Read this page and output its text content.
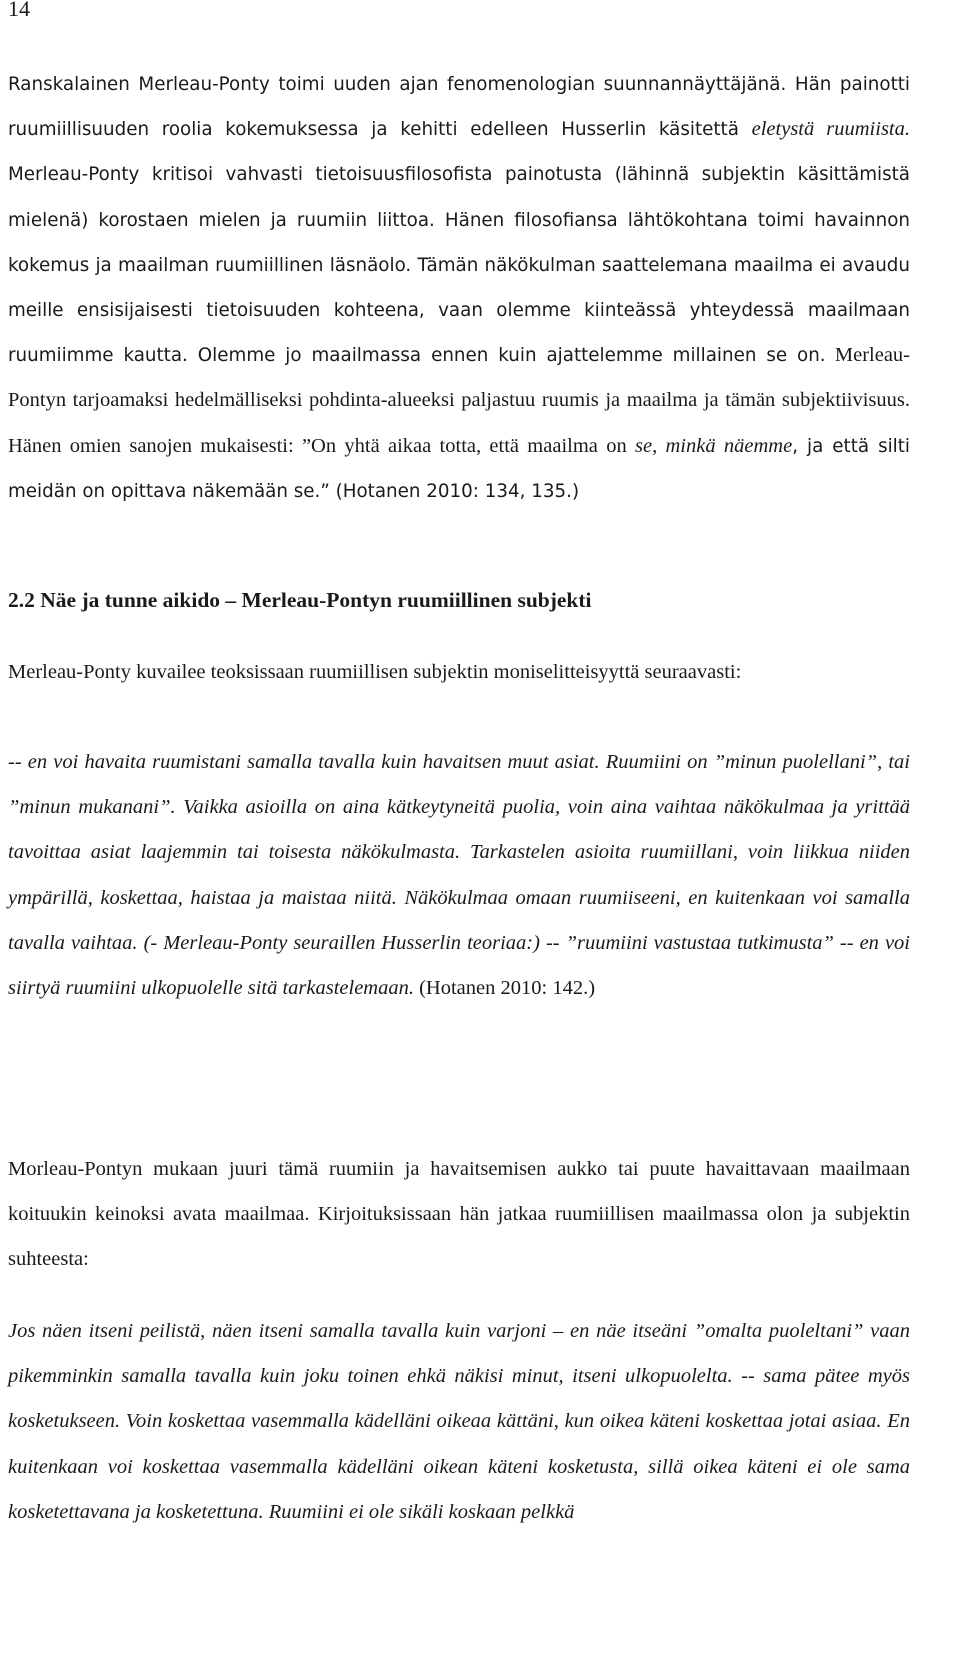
14

Ranskalainen Merleau-Ponty toimi uuden ajan fenomenologian suunnannäyttäjänä. Hän painotti ruumiillisuuden roolia kokemuksessa ja kehitti edelleen Husserlin käsitettä eletystä ruumiista. Merleau-Ponty kritisoi vahvasti tietoisuusfilosofista painotusta (lähinnä subjektin käsittämistä mielenä) korostaen mielen ja ruumiin liittoa. Hänen filosofiansa lähtökohtana toimi havainnon kokemus ja maailman ruumiillinen läsnäolo. Tämän näkökulman saattelemana maailma ei avaudu meille ensisijaisesti tietoisuuden kohteena, vaan olemme kiinteässä yhteydessä maailmaan ruumiimme kautta. Olemme jo maailmassa ennen kuin ajattelemme millainen se on. Merleau-Pontyn tarjoamaksi hedelmälliseksi pohdinta-alueeksi paljastuu ruumis ja maailma ja tämän subjektiivisuus. Hänen omien sanojen mukaisesti: ”On yhtä aikaa totta, että maailma on se, minkä näemme, ja että silti meidän on opittava näkemään se.” (Hotanen 2010: 134, 135.)

2.2 Näe ja tunne aikido – Merleau-Pontyn ruumiillinen subjekti

Merleau-Ponty kuvailee teoksissaan ruumiillisen subjektin moniselitteisyyttä seuraavasti:

-- en voi havaita ruumistani samalla tavalla kuin havaitsen muut asiat. Ruumiini on ”minun puolellani”, tai ”minun mukanani”. Vaikka asioilla on aina kätkeytyneitä puolia, voin aina vaihtaa näkökulmaa ja yrittää tavoittaa asiat laajemmin tai toisesta näkökulmasta. Tarkastelen asioita ruumiillani, voin liikkua niiden ympärillä, koskettaa, haistaa ja maistaa niitä. Näkökulmaa omaan ruumiiseeni, en kuitenkaan voi samalla tavalla vaihtaa. (- Merleau-Ponty seuraillen Husserlin teoriaa:) -- ”ruumiini vastustaa tutkimusta” -- en voi siirtyä ruumiini ulkopuolelle sitä tarkastelemaan. (Hotanen 2010: 142.)

Morleau-Pontyn mukaan juuri tämä ruumiin ja havaitsemisen aukko tai puute havaittavaan maailmaan koituukin keinoksi avata maailmaa. Kirjoituksissaan hän jatkaa ruumiillisen maailmassa olon ja subjektin suhteesta:

Jos näen itseni peilistä, näen itseni samalla tavalla kuin varjoni – en näe itseäni ”omalta puoleltani” vaan pikemminkin samalla tavalla kuin joku toinen ehkä näkisi minut, itseni ulkopuolelta. -- sama pätee myös kosketukseen. Voin koskettaa vasemmalla kädelläni oikeaa kättäni, kun oikea käteni koskettaa jotai asiaa. En kuitenkaan voi koskettaa vasemmalla kädelläni oikean käteni kosketusta, sillä oikea käteni ei ole sama kosketettavana ja kosketettuna. Ruumiini ei ole sikäli koskaan pelkkä
